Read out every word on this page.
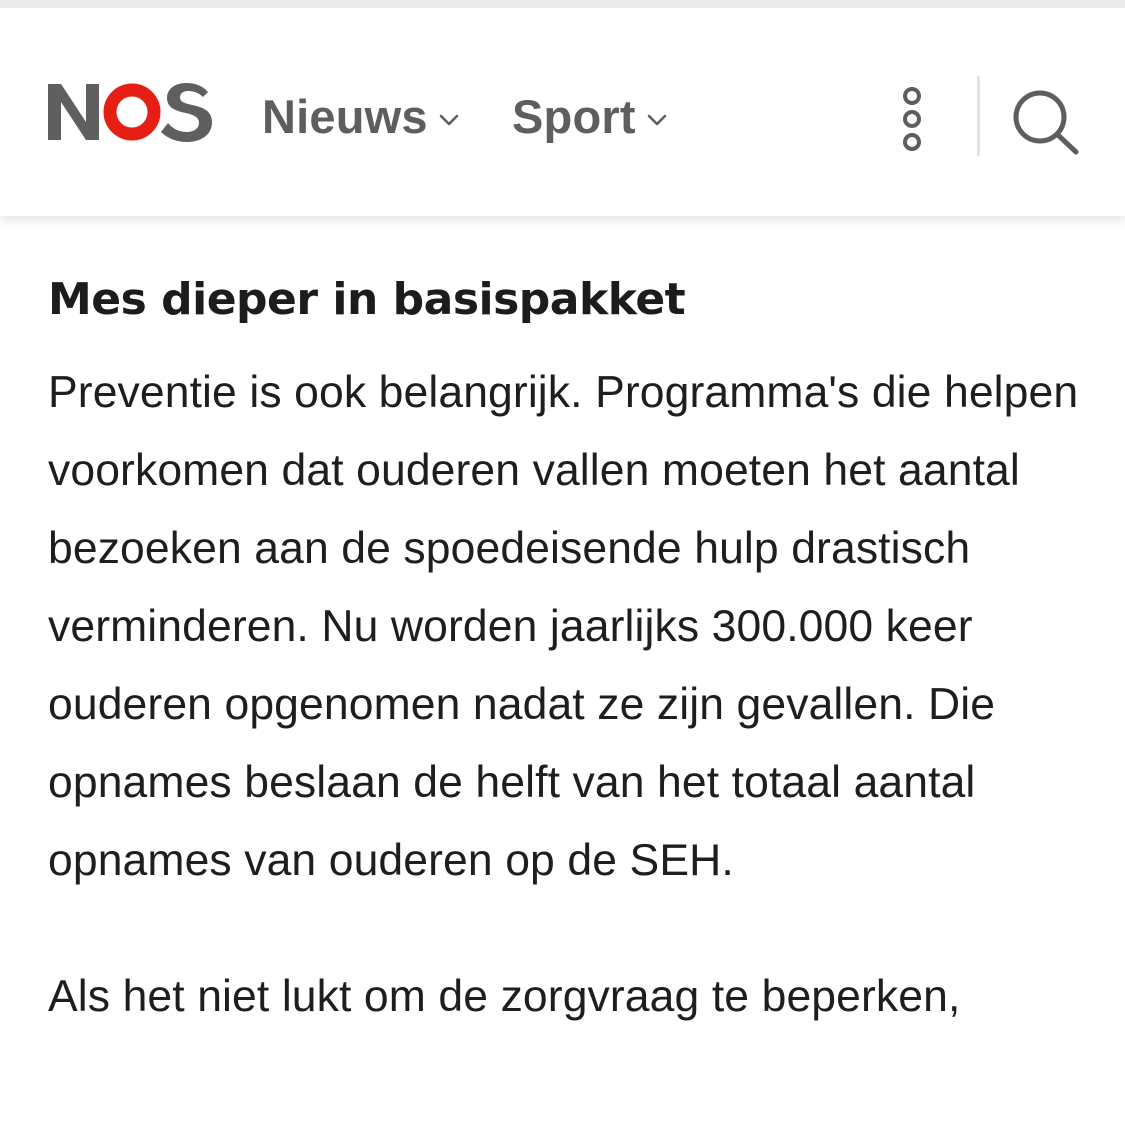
Nieuws Sport
Mes dieper in basispakket

Preventie is ook belangrijk. Programma's die helpen voorkomen dat ouderen vallen moeten het aantal bezoeken aan de spoedeisende hulp drastisch verminderen. Nu worden jaarlijks 300.000 keer ouderen opgenomen nadat ze zijn gevallen. Die opnames beslaan de helft van het totaal aantal opnames van ouderen op de SEH.

Als het niet lukt om de zorgvraag te beperken,
